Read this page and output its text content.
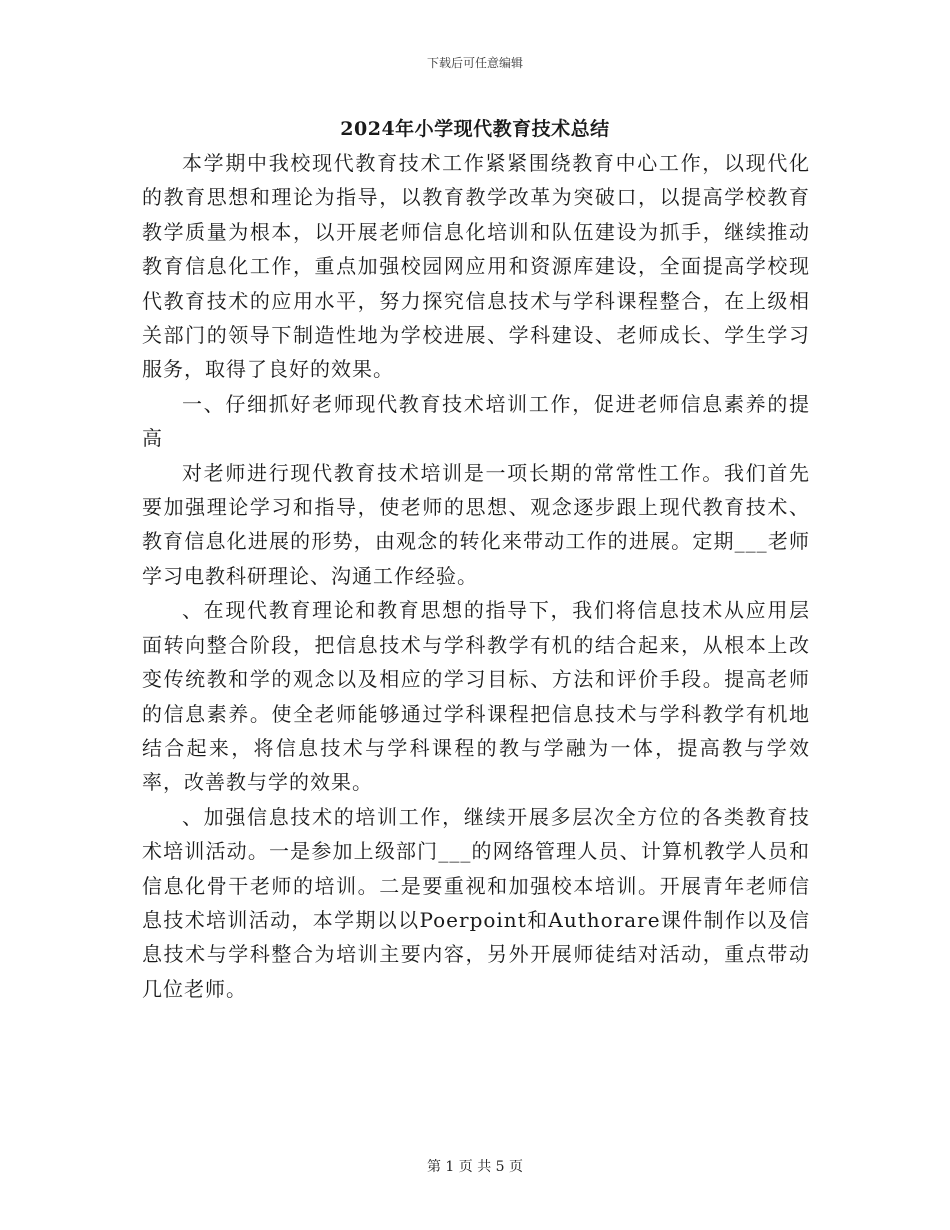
下载后可任意编辑
2024年小学现代教育技术总结

本学期中我校现代教育技术工作紧紧围绕教育中心工作，以现代化的教育思想和理论为指导，以教育教学改革为突破口，以提高学校教育教学质量为根本，以开展老师信息化培训和队伍建设为抓手，继续推动教育信息化工作，重点加强校园网应用和资源库建设，全面提高学校现代教育技术的应用水平，努力探究信息技术与学科课程整合，在上级相关部门的领导下制造性地为学校进展、学科建设、老师成长、学生学习服务，取得了良好的效果。

一、仔细抓好老师现代教育技术培训工作，促进老师信息素养的提高

对老师进行现代教育技术培训是一项长期的常常性工作。我们首先要加强理论学习和指导，使老师的思想、观念逐步跟上现代教育技术、教育信息化进展的形势，由观念的转化来带动工作的进展。定期___老师学习电教科研理论、沟通工作经验。

、在现代教育理论和教育思想的指导下，我们将信息技术从应用层面转向整合阶段，把信息技术与学科教学有机的结合起来，从根本上改变传统教和学的观念以及相应的学习目标、方法和评价手段。提高老师的信息素养。使全老师能够通过学科课程把信息技术与学科教学有机地结合起来，将信息技术与学科课程的教与学融为一体，提高教与学效率，改善教与学的效果。

、加强信息技术的培训工作，继续开展多层次全方位的各类教育技术培训活动。一是参加上级部门___的网络管理人员、计算机教学人员和信息化骨干老师的培训。二是要重视和加强校本培训。开展青年老师信息技术培训活动，本学期以以Poerpoint和Authorare课件制作以及信息技术与学科整合为培训主要内容，另外开展师徒结对活动，重点带动几位老师。

第 1 页 共 5 页
